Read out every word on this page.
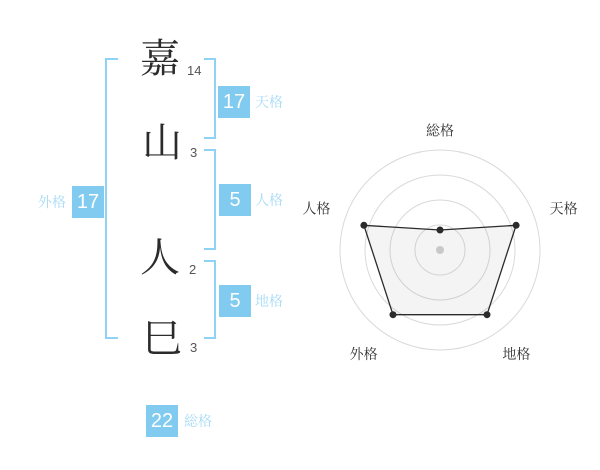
嘉
山
人
巳
14
3
2
3
17 天格
5	人格
5	地格
外格 17
22 総格
総格
天格
地格
外格
人格
